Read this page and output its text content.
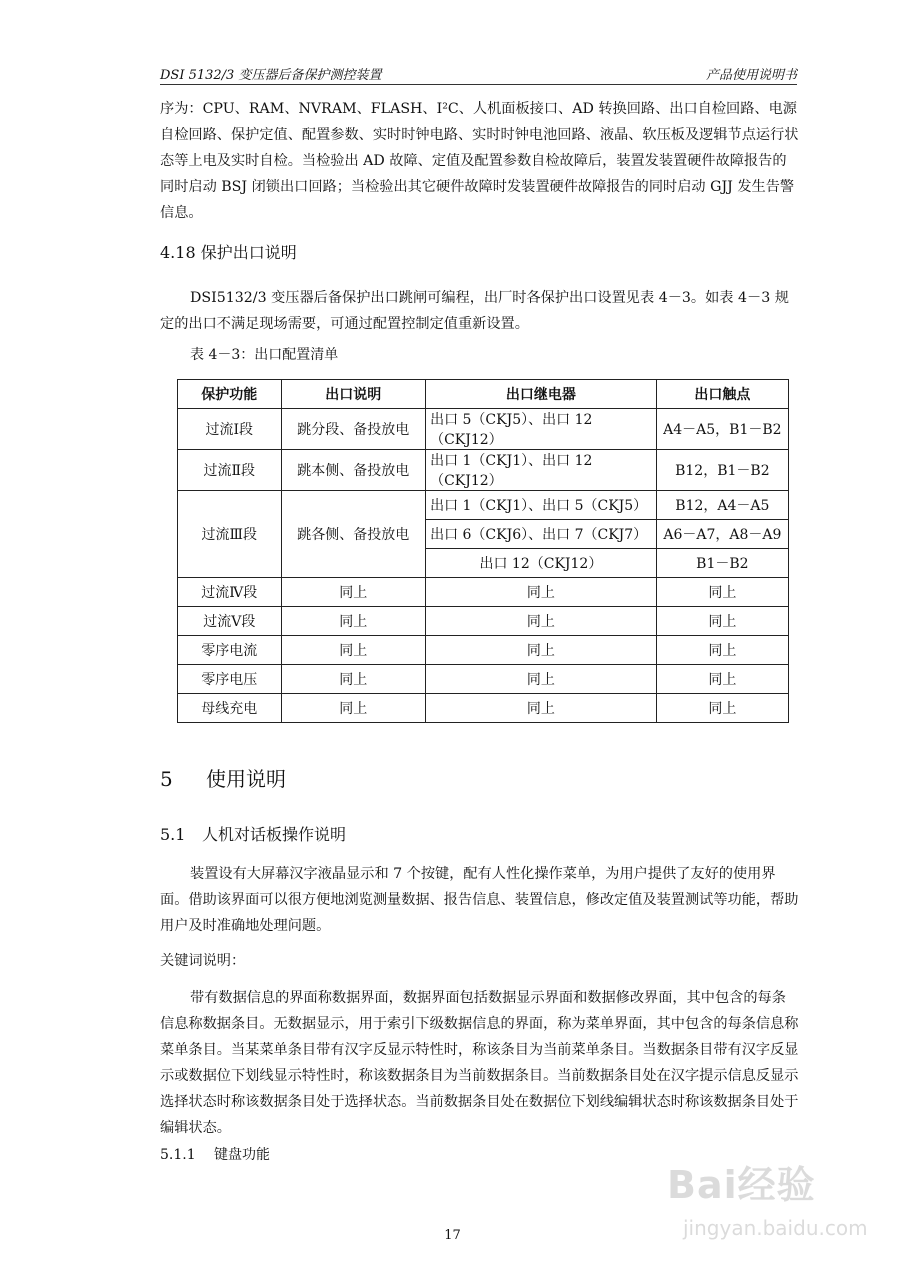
DSI 5132/3 变压器后备保护测控装置	产品使用说明书

序为：CPU、RAM、NVRAM、FLASH、I²C、人机面板接口、AD 转换回路、出口自检回路、电源自检回路、保护定值、配置参数、实时时钟电路、实时时钟电池回路、液晶、软压板及逻辑节点运行状态等上电及实时自检。当检验出 AD 故障、定值及配置参数自检故障后，装置发装置硬件故障报告的同时启动 BSJ 闭锁出口回路；当检验出其它硬件故障时发装置硬件故障报告的同时启动 GJJ 发生告警信息。

4.18 保护出口说明

DSI5132/3 变压器后备保护出口跳闸可编程，出厂时各保护出口设置见表 4－3。如表 4－3 规定的出口不满足现场需要，可通过配置控制定值重新设置。

表 4－3：出口配置清单
保护功能	出口说明	出口继电器	出口触点
过流Ⅰ段	跳分段、备投放电	出口 5（CKJ5）、出口 12（CKJ12）	A4－A5，B1－B2
过流Ⅱ段	跳本侧、备投放电	出口 1（CKJ1）、出口 12（CKJ12）	B12，B1－B2
过流Ⅲ段	跳各侧、备投放电	出口 1（CKJ1）、出口 5（CKJ5）	B12，A4－A5
		出口 6（CKJ6）、出口 7（CKJ7）	A6－A7，A8－A9
		出口 12（CKJ12）	B1－B2
过流Ⅳ段	同上	同上	同上
过流Ⅴ段	同上	同上	同上
零序电流	同上	同上	同上
零序电压	同上	同上	同上
母线充电	同上	同上	同上
5 使用说明
5.1 人机对话板操作说明

装置设有大屏幕汉字液晶显示和 7 个按键，配有人性化操作菜单，为用户提供了友好的使用界面。借助该界面可以很方便地浏览测量数据、报告信息、装置信息，修改定值及装置测试等功能，帮助用户及时准确地处理问题。

关键词说明：

带有数据信息的界面称数据界面，数据界面包括数据显示界面和数据修改界面，其中包含的每条信息称数据条目。无数据显示，用于索引下级数据信息的界面，称为菜单界面，其中包含的每条信息称菜单条目。当某菜单条目带有汉字反显示特性时，称该条目为当前菜单条目。当数据条目带有汉字反显示或数据位下划线显示特性时，称该数据条目为当前数据条目。当前数据条目处在汉字提示信息反显示选择状态时称该数据条目处于选择状态。当前数据条目处在数据位下划线编辑状态时称该数据条目处于编辑状态。

5.1.1 键盘功能
17
Bai经验
jingyan.baidu.com
